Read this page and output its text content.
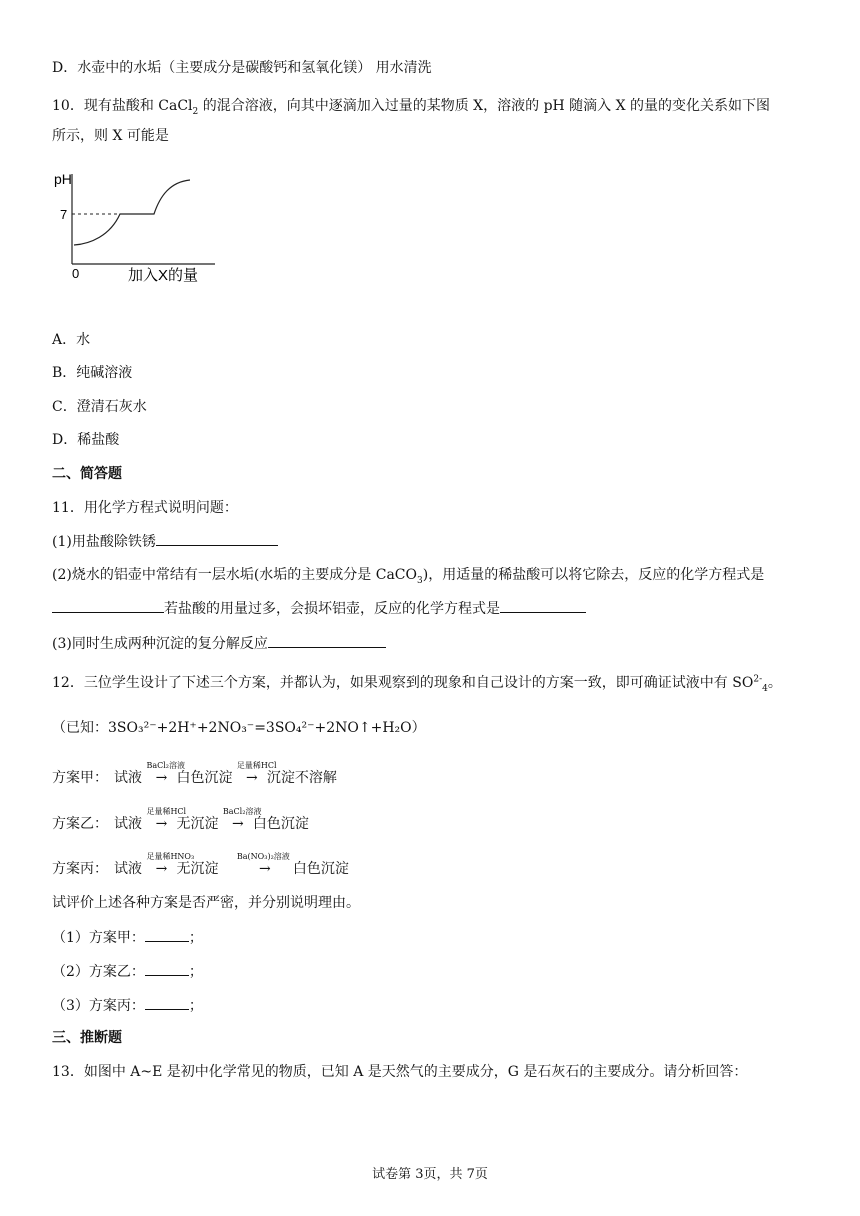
D．水壶中的水垢（主要成分是碳酸钙和氢氧化镁） 用水清洗
10．现有盐酸和 CaCl$_2$ 的混合溶液，向其中逐滴加入过量的某物质 X，溶液的 pH 随滴入 X 的量的变化关系如下图
所示，则 X 可能是
pH
7
0	加入X的量
A．水
B．纯碱溶液
C．澄清石灰水
D．稀盐酸
二、简答题
11．用化学方程式说明问题：
(1)用盐酸除铁锈
(2)烧水的铝壶中常结有一层水垢(水垢的主要成分是 CaCO$_3$)，用适量的稀盐酸可以将它除去，反应的化学方程式是
若盐酸的用量过多，会损坏铝壶，反应的化学方程式是
(3)同时生成两种沉淀的复分解反应
12．三位学生设计了下述三个方案，并都认为，如果观察到的现象和自己设计的方案一致，即可确证试液中有 $SO^{2-}_4$。
（已知：3SO₃²⁻+2H⁺+2NO₃⁻=3SO₄²⁻+2NO↑+H₂O）
方案甲： 试液
BaCl₂溶液
→ 白色沉淀
足量稀HCl
→ 沉淀不溶解
方案乙： 试液
足量稀HCl
→ 无沉淀
BaCl₂溶液
→ 白色沉淀
方案丙： 试液
足量稀HNO₃
→ 无沉淀
Ba(NO₃)₂溶液
→ 白色沉淀
试评价上述各种方案是否严密，并分别说明理由。
（1）方案甲：	；
（2）方案乙：	；
（3）方案丙：	；
三、推断题
13．如图中 A~E 是初中化学常见的物质，已知 A 是天然气的主要成分，G 是石灰石的主要成分。请分析回答：
试卷第 3页，共 7页
